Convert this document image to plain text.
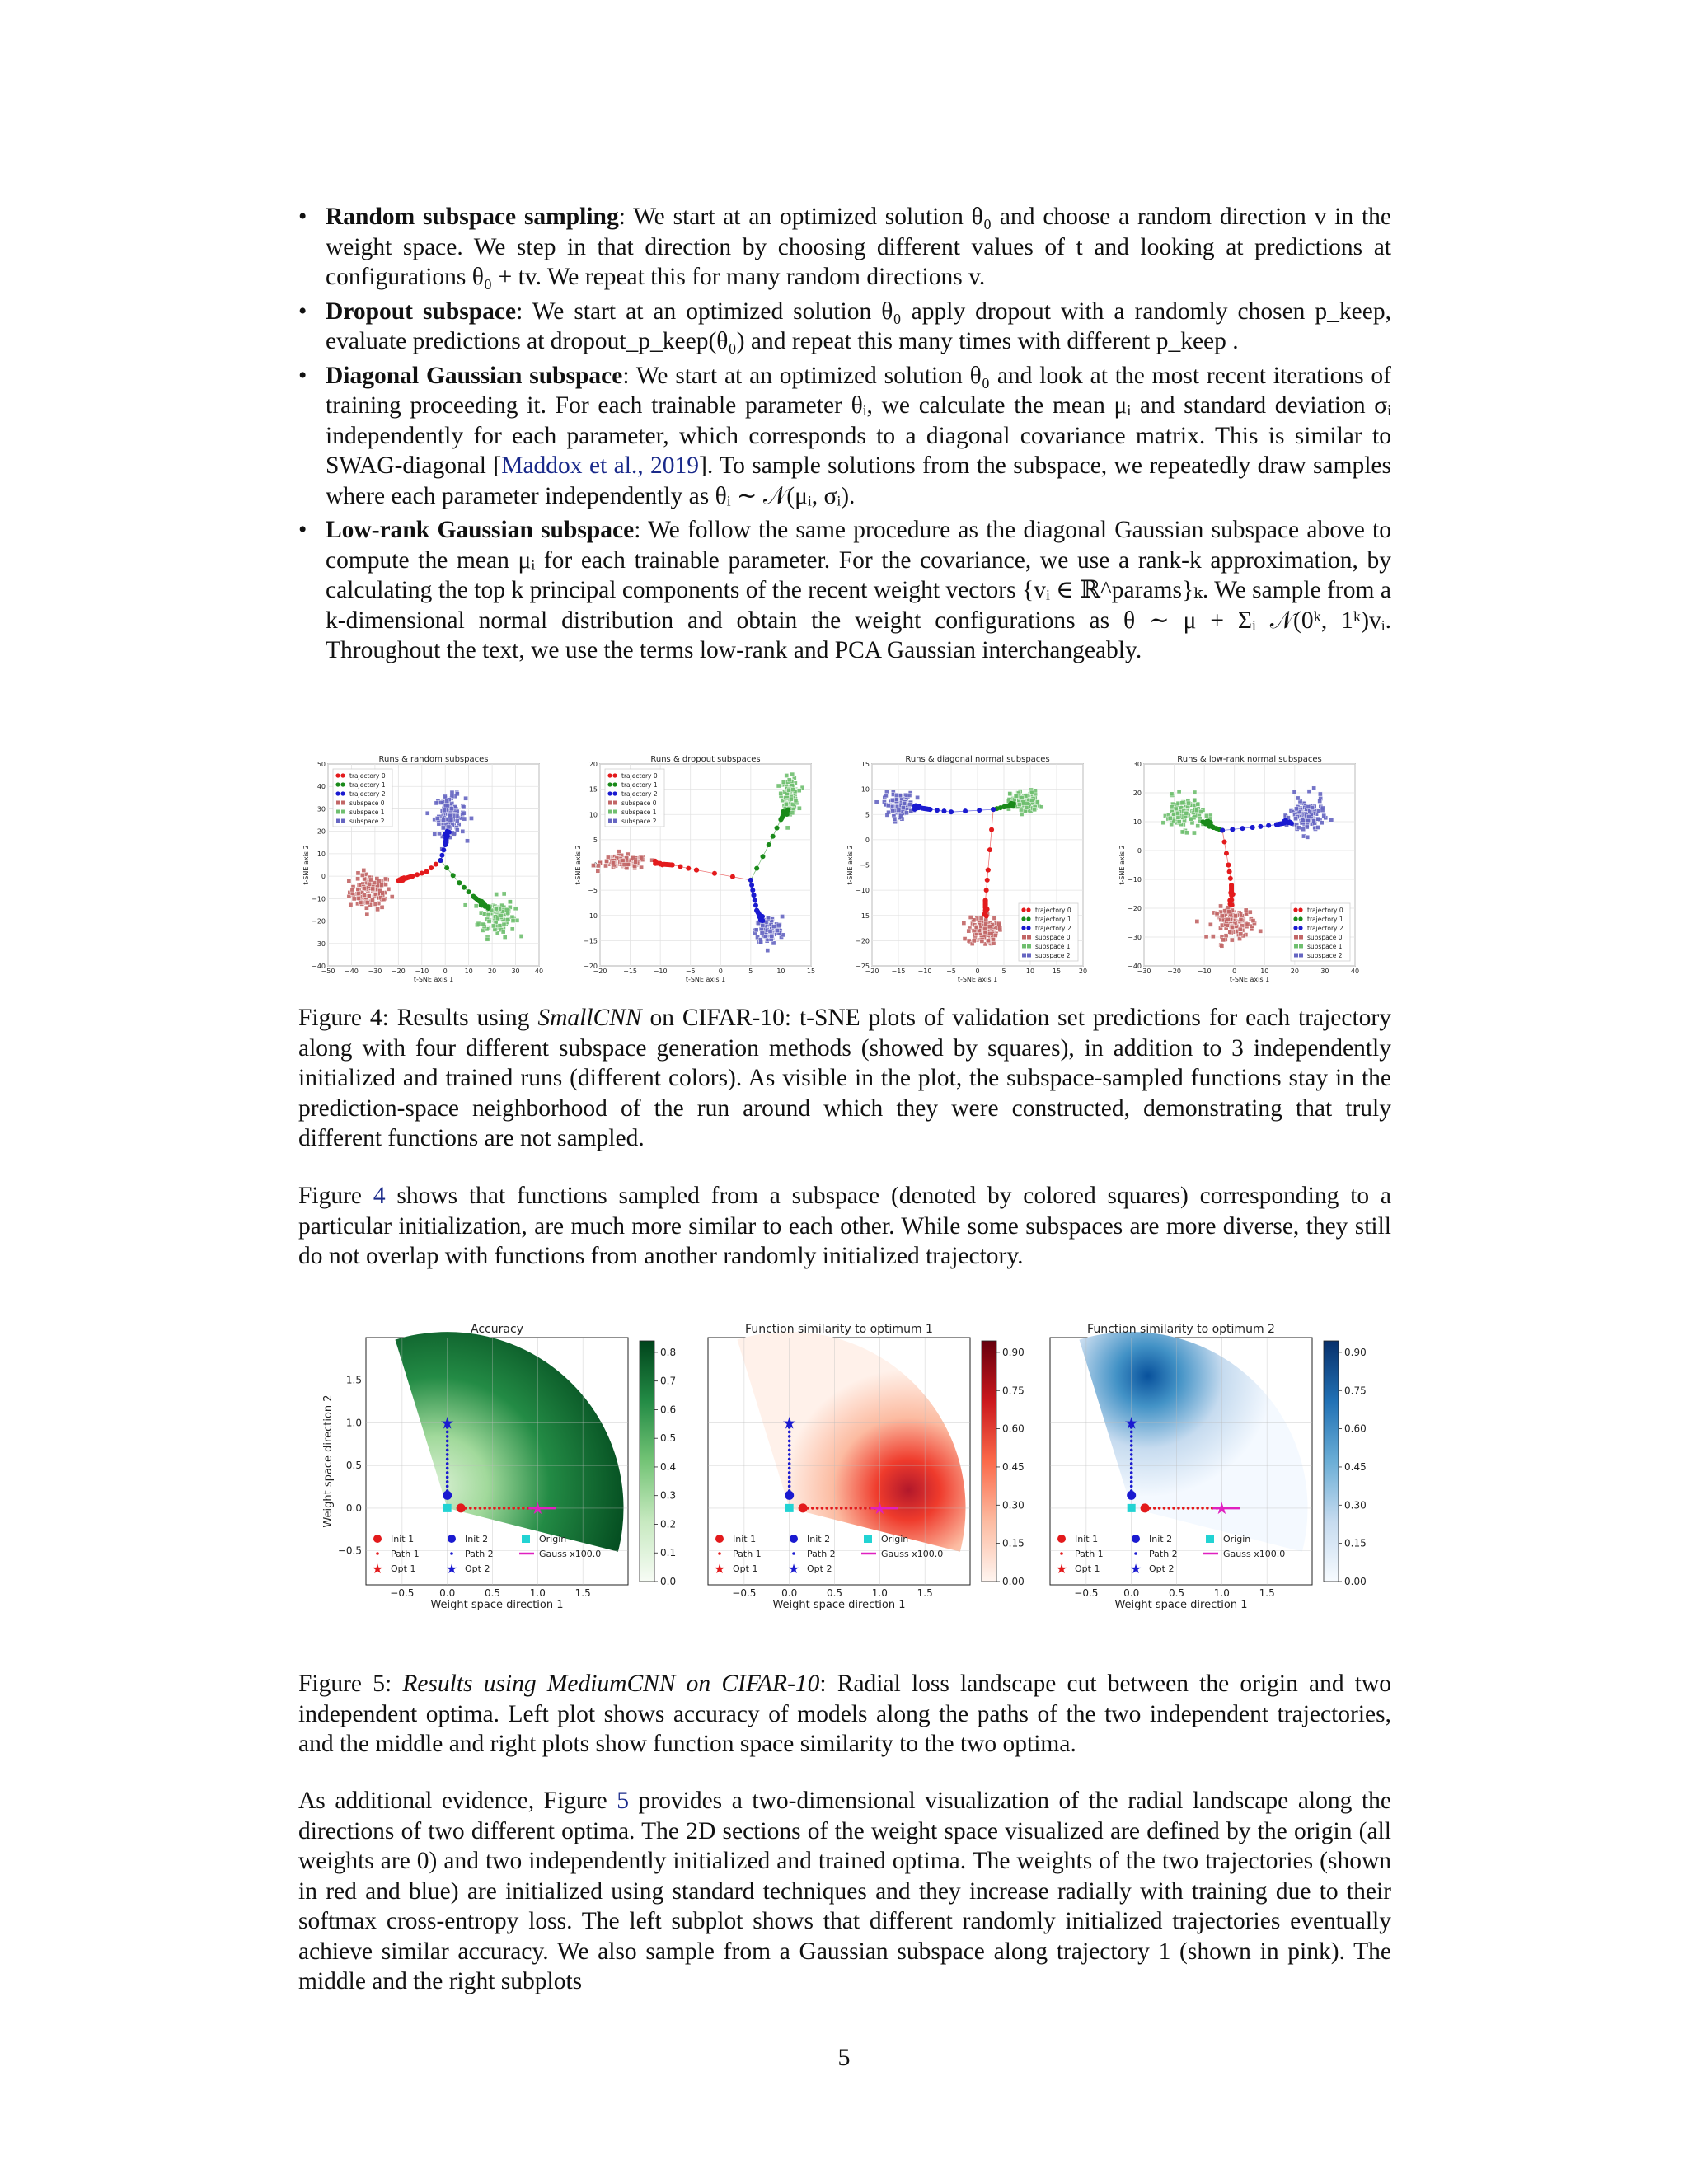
• Random subspace sampling: We start at an optimized solution θ₀ and choose a random direction v in the weight space. We step in that direction by choosing different values of t and looking at predictions at configurations θ₀ + tv. We repeat this for many random directions v.
• Dropout subspace: We start at an optimized solution θ₀ apply dropout with a randomly chosen p_keep, evaluate predictions at dropout_p_keep(θ₀) and repeat this many times with different p_keep .
• Diagonal Gaussian subspace: We start at an optimized solution θ₀ and look at the most recent iterations of training proceeding it. For each trainable parameter θᵢ, we calculate the mean μᵢ and standard deviation σᵢ independently for each parameter, which corresponds to a diagonal covariance matrix. This is similar to SWAG-diagonal [Maddox et al., 2019]. To sample solutions from the subspace, we repeatedly draw samples where each parameter independently as θᵢ ∼ 𝒩(μᵢ, σᵢ).
• Low-rank Gaussian subspace: We follow the same procedure as the diagonal Gaussian subspace above to compute the mean μᵢ for each trainable parameter. For the covariance, we use a rank-k approximation, by calculating the top k principal components of the recent weight vectors {vᵢ ∈ ℝ^params}ₖ. We sample from a k-dimensional normal distribution and obtain the weight configurations as θ ∼ μ + Σᵢ 𝒩(0ᵏ, 1ᵏ)vᵢ. Throughout the text, we use the terms low-rank and PCA Gaussian interchangeably.
−50 −40 −30 −20 −10 0	10 20 30 40
−40
−30
−20
−10
0
10
20
30
40
50
Runs & random subspaces
t-SNE axis 1
t-SNE axis 2
trajectory 0
trajectory 1
trajectory 2
subspace 0
subspace 1
subspace 2
−20 −15 −10	−5	0	5	10	15
−20
−15
−10
−5
5
10
15
20
Runs & dropout subspaces
t-SNE axis 1
t-SNE axis 2
trajectory 0
trajectory 1
trajectory 2
subspace 0
subspace 1
subspace 2
−20 −15 −10 −5	0	5	10	15	20
−25
−20
−15
−10
−5
0
5
10
15
Runs & diagonal normal subspaces
t-SNE axis 1
t-SNE axis 2
trajectory 0
trajectory 1
trajectory 2
subspace 0
subspace 1
subspace 2
−30 −20 −10	0	10	20	30	40
−40
−30
−20
−10
0
10
20
30
Runs & low-rank normal subspaces
t-SNE axis 1
t-SNE axis 2
trajectory 0
trajectory 1
trajectory 2
subspace 0
subspace 1
subspace 2
Figure 4: Results using SmallCNN on CIFAR-10: t-SNE plots of validation set predictions for each trajectory along with four different subspace generation methods (showed by squares), in addition to 3 independently initialized and trained runs (different colors). As visible in the plot, the subspace-sampled functions stay in the prediction-space neighborhood of the run around which they were constructed, demonstrating that truly different functions are not sampled.
Figure 4 shows that functions sampled from a subspace (denoted by colored squares) corresponding to a particular initialization, are much more similar to each other. While some subspaces are more diverse, they still do not overlap with functions from another randomly initialized trajectory.
−0.5	0.0	0.5	1.0	1.5
−0.5
0.0
0.5
1.0
1.5
Accuracy
Weight space direction 1
Weight space direction 2	★
★
Init 1	Init 2	Origin
Path 1	Path 2	Gauss x100.0
★ Opt 1 ★ Opt 2
0.0
0.1
0.2
0.3
0.4
0.5
0.6
0.7
0.8
−0.5	0.0	0.5	1.0	1.5
Function similarity to optimum 1
Weight space direction 1
★
★
Init 1	Init 2	Origin
Path 1	Path 2	Gauss x100.0
★ Opt 1 ★ Opt 2
0.00
0.15
0.30
0.45
0.60
0.75
0.90
−0.5	0.0	0.5	1.0	1.5
Function similarity to optimum 2
Weight space direction 1
★
★
Init 1	Init 2	Origin
Path 1	Path 2	Gauss x100.0
★ Opt 1 ★ Opt 2
0.00
0.15
0.30
0.45
0.60
0.75
0.90
Figure 5: Results using MediumCNN on CIFAR-10: Radial loss landscape cut between the origin and two independent optima. Left plot shows accuracy of models along the paths of the two independent trajectories, and the middle and right plots show function space similarity to the two optima.
As additional evidence, Figure 5 provides a two-dimensional visualization of the radial landscape along the directions of two different optima. The 2D sections of the weight space visualized are defined by the origin (all weights are 0) and two independently initialized and trained optima. The weights of the two trajectories (shown in red and blue) are initialized using standard techniques and they increase radially with training due to their softmax cross-entropy loss. The left subplot shows that different randomly initialized trajectories eventually achieve similar accuracy. We also sample from a Gaussian subspace along trajectory 1 (shown in pink). The middle and the right subplots
5
